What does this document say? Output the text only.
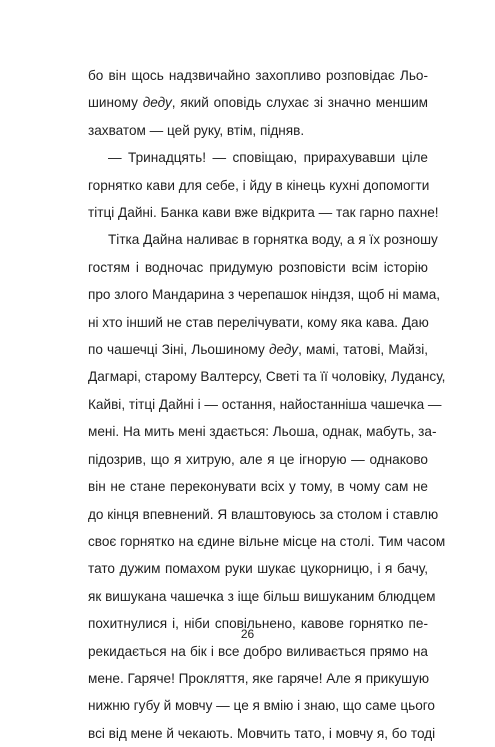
бо він щось надзвичайно захопливо розповідає Льо-
шиному деду, який оповідь слухає зі значно меншим
захватом — цей руку, втім, підняв.
— Тринадцять! — сповіщаю, прирахувавши ціле
горнятко кави для себе, і йду в кінець кухні допомогти
тітці Дайні. Банка кави вже відкрита — так гарно пахне!
Тітка Дайна наливає в горнятка воду, а я їх розношу
гостям і водночас придумую розповісти всім історію
про злого Мандарина з черепашок ніндзя, щоб ні мама,
ні хто інший не став перелічувати, кому яка кава. Даю
по чашечці Зіні, Льошиному деду, мамі, татові, Майзі,
Дагмарі, старому Валтерсу, Светі та її чоловіку, Лудансу,
Кайві, тітці Дайні і — остання, найостанніша чашечка —
мені. На мить мені здається: Льоша, однак, мабуть, за-
підозрив, що я хитрую, але я це ігнорую — однаково
він не стане переконувати всіх у тому, в чому сам не
до кінця впевнений. Я влаштовуюсь за столом і ставлю
своє горнятко на єдине вільне місце на столі. Тим часом
тато дужим помахом руки шукає цукорницю, і я бачу,
як вишукана чашечка з іще більш вишуканим блюдцем
похитнулися і, ніби сповільнено, кавове горнятко пе-
рекидається на бік і все добро виливається прямо на
мене. Гаряче! Прокляття, яке гаряче! Але я прикушую
нижню губу й мовчу — це я вмію і знаю, що саме цього
всі від мене й чекають. Мовчить тато, і мовчу я, бо тоді

26
